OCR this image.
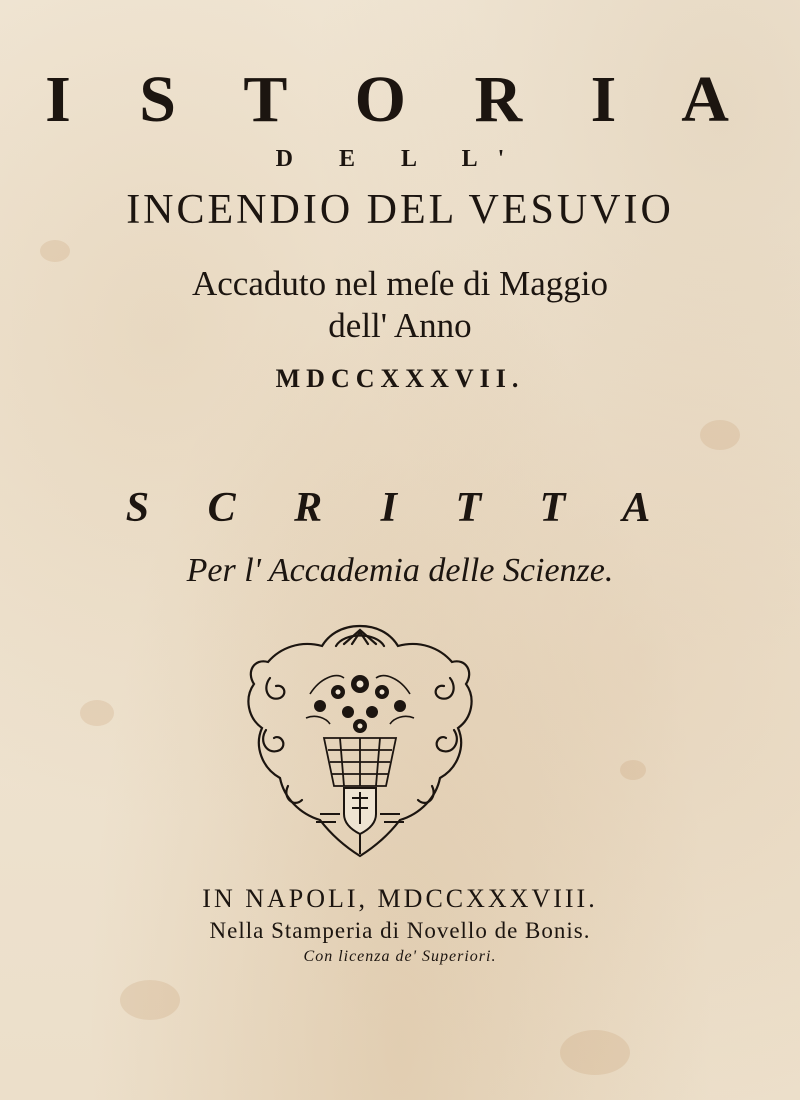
I S T O R I A
D E L L'
INCENDIO DEL VESUVIO
Accaduto nel meſe di Maggio
dell' Anno
MDCCXXXVII.
S C R I T T A
Per l' Accademia delle Scienze.
IN NAPOLI, MDCCXXXVIII.
Nella Stamperia di Novello de Bonis.
Con licenza de' Superiori.
